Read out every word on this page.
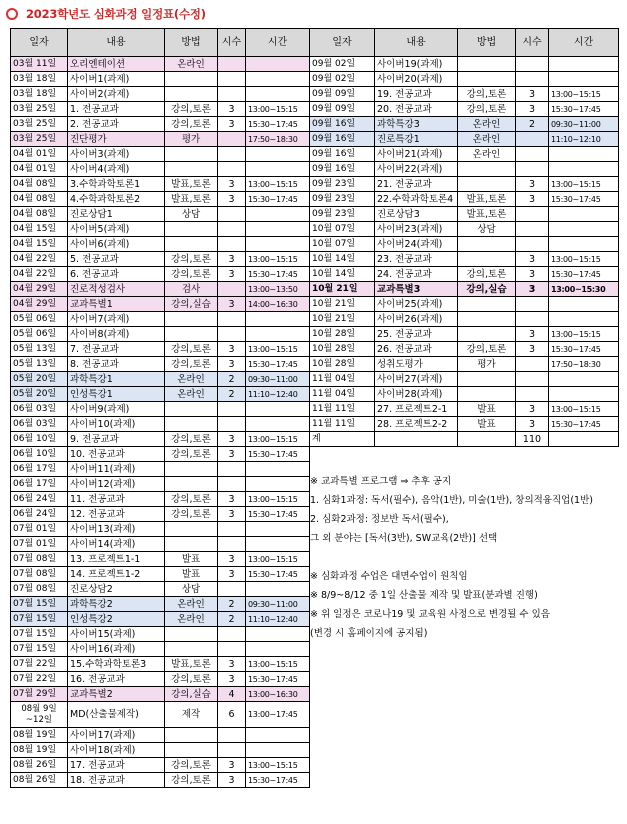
2023학년도 심화과정 일정표(수정)
일자	내용	방법	시수	시간
03월 11일	오리엔테이션	온라인		
03월 18일	사이버1(과제)			
03월 18일	사이버2(과제)			
03월 25일	1. 전공교과	강의,토론	3	13:00~15:15
03월 25일	2. 전공교과	강의,토론	3	15:30~17:45
03월 25일	진단평가	평가		17:50~18:30
04월 01일	사이버3(과제)			
04월 01일	사이버4(과제)			
04월 08일	3.수학과학토론1	발표,토론	3	13:00~15:15
04월 08일	4.수학과학토론2	발표,토론	3	15:30~17:45
04월 08일	진로상담1	상담		
04월 15일	사이버5(과제)			
04월 15일	사이버6(과제)			
04월 22일	5. 전공교과	강의,토론	3	13:00~15:15
04월 22일	6. 전공교과	강의,토론	3	15:30~17:45
04월 29일	진로적성검사	검사		13:00~13:50
04월 29일	교과특별1	강의,실습	3	14:00~16:30
05월 06일	사이버7(과제)			
05월 06일	사이버8(과제)			
05월 13일	7. 전공교과	강의,토론	3	13:00~15:15
05월 13일	8. 전공교과	강의,토론	3	15:30~17:45
05월 20일	과학특강1	온라인	2	09:30~11:00
05월 20일	인성특강1	온라인	2	11:10~12:40
06월 03일	사이버9(과제)			
06월 03일	사이버10(과제)			
06월 10일	9. 전공교과	강의,토론	3	13:00~15:15
06월 10일	10. 전공교과	강의,토론	3	15:30~17:45
06월 17일	사이버11(과제)			
06월 17일	사이버12(과제)			
06월 24일	11. 전공교과	강의,토론	3	13:00~15:15
06월 24일	12. 전공교과	강의,토론	3	15:30~17:45
07월 01일	사이버13(과제)			
07월 01일	사이버14(과제)			
07월 08일	13. 프로젝트1-1	발표	3	13:00~15:15
07월 08일	14. 프로젝트1-2	발표	3	15:30~17:45
07월 08일	진로상담2	상담		
07월 15일	과학특강2	온라인	2	09:30~11:00
07월 15일	인성특강2	온라인	2	11:10~12:40
07월 15일	사이버15(과제)			
07월 15일	사이버16(과제)			
07월 22일	15.수학과학토론3	발표,토론	3	13:00~15:15
07월 22일	16. 전공교과	강의,토론	3	15:30~17:45
07월 29일	교과특별2	강의,실습	4	13:00~16:30
08월 9일~12일	MD(산출물제작)	제작	6	13:00~17:45
08월 19일	사이버17(과제)			
08월 19일	사이버18(과제)			
08월 26일	17. 전공교과	강의,토론	3	13:00~15:15
08월 26일	18. 전공교과	강의,토론	3	15:30~17:45
일자	내용	방법	시수	시간
09월 02일	사이버19(과제)			
09월 02일	사이버20(과제)			
09월 09일	19. 전공교과	강의,토론	3	13:00~15:15
09월 09일	20. 전공교과	강의,토론	3	15:30~17:45
09월 16일	과학특강3	온라인	2	09:30~11:00
09월 16일	진로특강1	온라인		11:10~12:10
09월 16일	사이버21(과제)	온라인		
09월 16일	사이버22(과제)			
09월 23일	21. 전공교과		3	13:00~15:15
09월 23일	22.수학과학토론4	발표,토론	3	15:30~17:45
09월 23일	진로상담3	발표,토론		
10월 07일	사이버23(과제)	상담		
10월 07일	사이버24(과제)			
10월 14일	23. 전공교과		3	13:00~15:15
10월 14일	24. 전공교과	강의,토론	3	15:30~17:45
10월 21일	교과특별3	강의,실습	3	13:00~15:30
10월 21일	사이버25(과제)			
10월 21일	사이버26(과제)			
10월 28일	25. 전공교과		3	13:00~15:15
10월 28일	26. 전공교과	강의,토론	3	15:30~17:45
10월 28일	성취도평가	평가		17:50~18:30
11월 04일	사이버27(과제)			
11월 04일	사이버28(과제)			
11월 11일	27. 프로젝트2-1	발표	3	13:00~15:15
11월 11일	28. 프로젝트2-2	발표	3	15:30~17:45
계			110	
※ 교과특별 프로그램 ⇒ 추후 공지
1. 심화1과정: 독서(필수), 음악(1반), 미술(1반), 창의적융직업(1반)
2. 심화2과정: 정보반 독서(필수),
그 외 분야는 [독서(3반), SW교육(2반)] 선택
※ 심화과정 수업은 대면수업이 원칙임
※ 8/9~8/12 중 1일 산출물 제작 및 발표(분과별 진행)
※ 위 일정은 코로나19 및 교육원 사정으로 변경될 수 있음
(변경 시 홈페이지에 공지됨)
